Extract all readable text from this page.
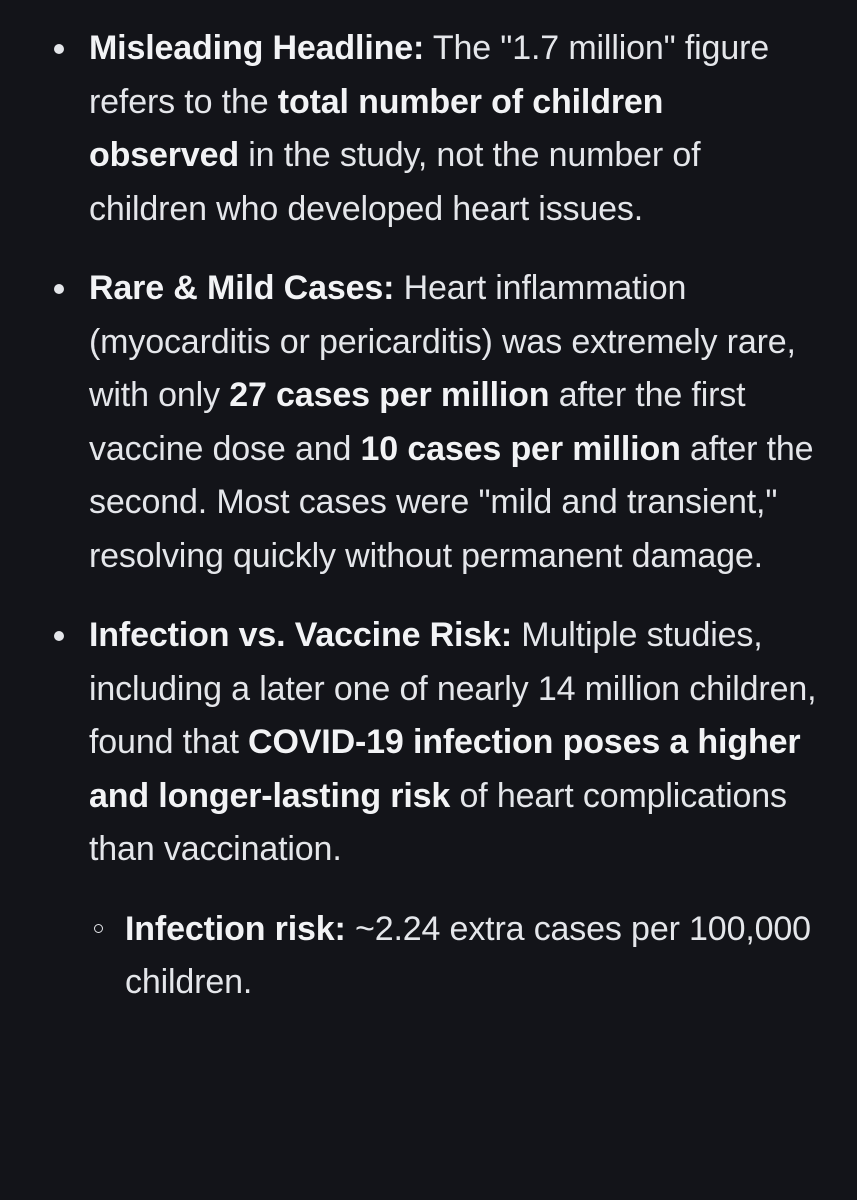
Misleading Headline: The "1.7 million" figure refers to the total number of children observed in the study, not the number of children who developed heart issues.
Rare & Mild Cases: Heart inflammation (myocarditis or pericarditis) was extremely rare, with only 27 cases per million after the first vaccine dose and 10 cases per million after the second. Most cases were "mild and transient," resolving quickly without permanent damage.
Infection vs. Vaccine Risk: Multiple studies, including a later one of nearly 14 million children, found that COVID-19 infection poses a higher and longer-lasting risk of heart complications than vaccination.
Infection risk: ~2.24 extra cases per 100,000 children.
